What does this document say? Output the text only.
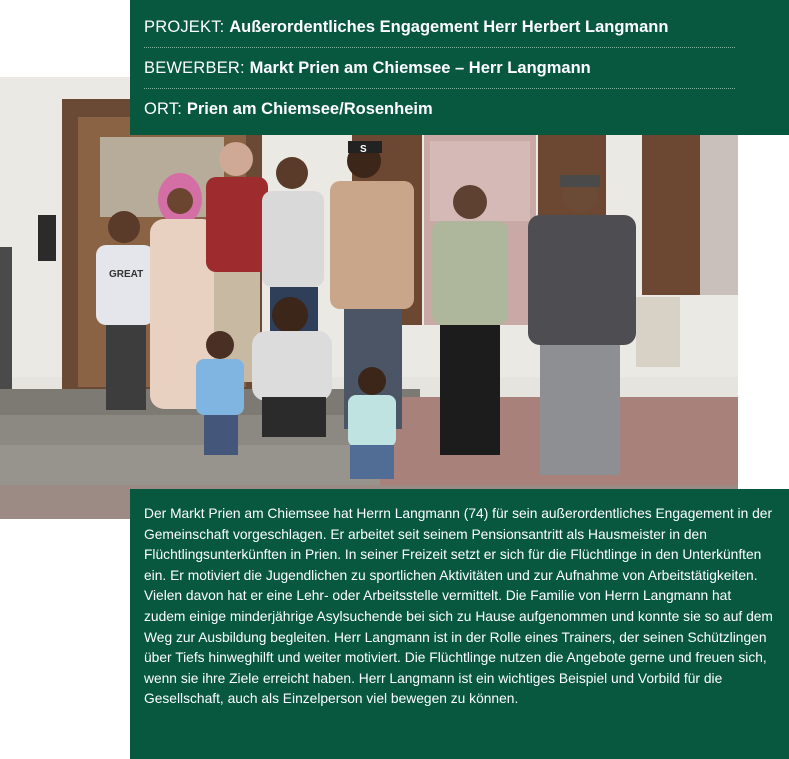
GREAT
S
PROJEKT: Außerordentliches Engagement Herr Herbert Langmann
BEWERBER: Markt Prien am Chiemsee – Herr Langmann
ORT: Prien am Chiemsee/Rosenheim

Der Markt Prien am Chiemsee hat Herrn Langmann (74) für sein außerordentliches Engagement in der Gemeinschaft vorgeschlagen. Er arbeitet seit seinem Pensionsantritt als Hausmeister in den Flüchtlingsunterkünften in Prien. In seiner Freizeit setzt er sich für die Flüchtlinge in den Unterkünften ein. Er motiviert die Jugendlichen zu sportlichen Aktivitäten und zur Aufnahme von Arbeitstätigkeiten. Vielen davon hat er eine Lehr- oder Arbeitsstelle vermittelt. Die Familie von Herrn Langmann hat zudem einige minderjährige Asylsuchende bei sich zu Hause aufgenommen und konnte sie so auf dem Weg zur Ausbildung begleiten. Herr Langmann ist in der Rolle eines Trainers, der seinen Schützlingen über Tiefs hinweghilft und weiter motiviert. Die Flüchtlinge nutzen die Angebote gerne und freuen sich, wenn sie ihre Ziele erreicht haben. Herr Langmann ist ein wichtiges Beispiel und Vorbild für die Gesellschaft, auch als Einzelperson viel bewegen zu können.
